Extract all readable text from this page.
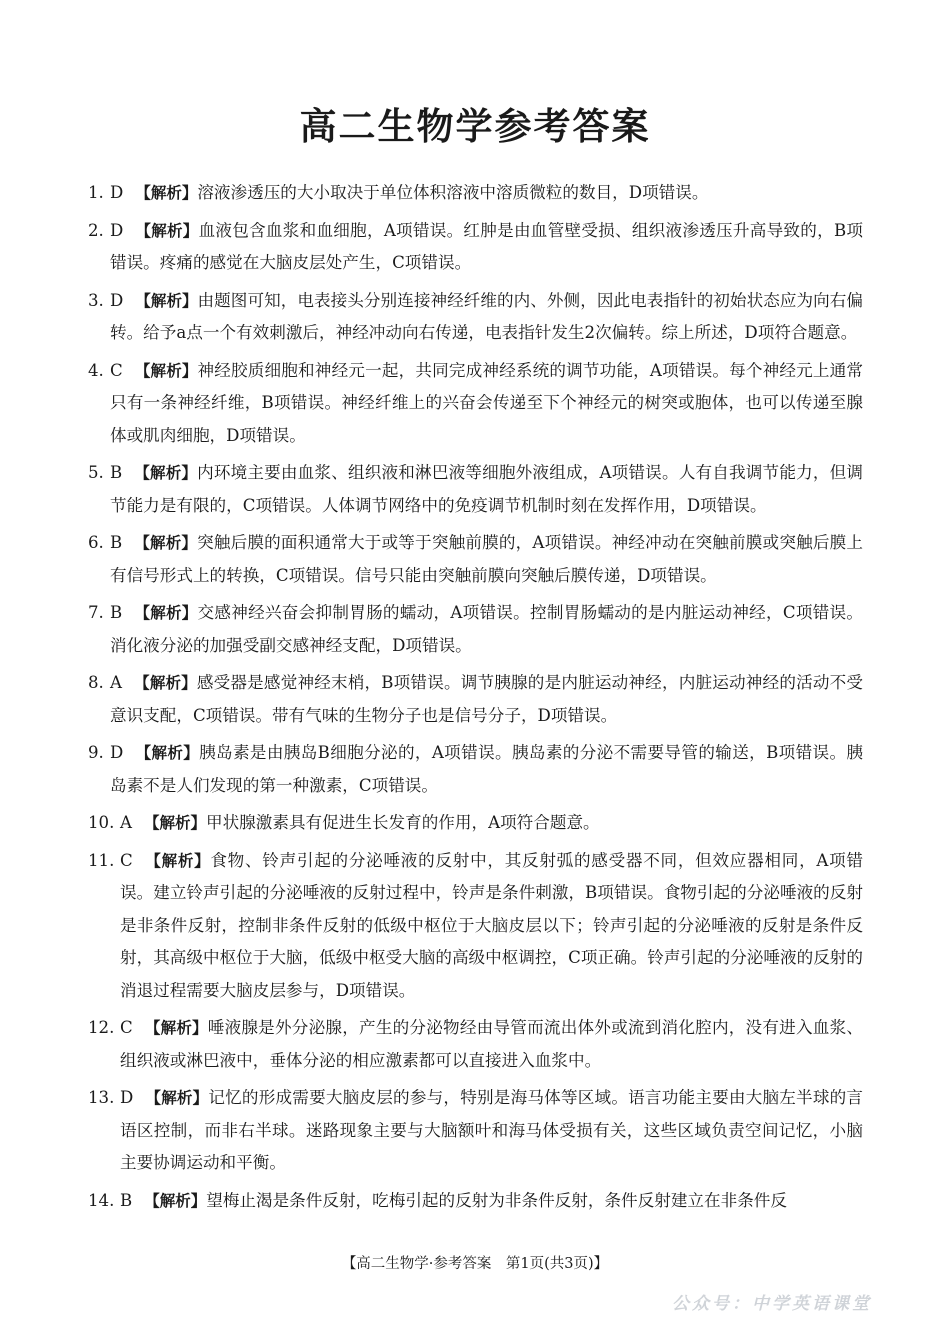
高二生物学参考答案
1. D 【解析】溶液渗透压的大小取决于单位体积溶液中溶质微粒的数目，D项错误。
2. D 【解析】血液包含血浆和血细胞，A项错误。红肿是由血管壁受损、组织液渗透压升高导致的，B项错误。疼痛的感觉在大脑皮层处产生，C项错误。
3. D 【解析】由题图可知，电表接头分别连接神经纤维的内、外侧，因此电表指针的初始状态应为向右偏转。给予a点一个有效刺激后，神经冲动向右传递，电表指针发生2次偏转。综上所述，D项符合题意。
4. C 【解析】神经胶质细胞和神经元一起，共同完成神经系统的调节功能，A项错误。每个神经元上通常只有一条神经纤维，B项错误。神经纤维上的兴奋会传递至下个神经元的树突或胞体，也可以传递至腺体或肌肉细胞，D项错误。
5. B 【解析】内环境主要由血浆、组织液和淋巴液等细胞外液组成，A项错误。人有自我调节能力，但调节能力是有限的，C项错误。人体调节网络中的免疫调节机制时刻在发挥作用，D项错误。
6. B 【解析】突触后膜的面积通常大于或等于突触前膜的，A项错误。神经冲动在突触前膜或突触后膜上有信号形式上的转换，C项错误。信号只能由突触前膜向突触后膜传递，D项错误。
7. B 【解析】交感神经兴奋会抑制胃肠的蠕动，A项错误。控制胃肠蠕动的是内脏运动神经，C项错误。消化液分泌的加强受副交感神经支配，D项错误。
8. A 【解析】感受器是感觉神经末梢，B项错误。调节胰腺的是内脏运动神经，内脏运动神经的活动不受意识支配，C项错误。带有气味的生物分子也是信号分子，D项错误。
9. D 【解析】胰岛素是由胰岛B细胞分泌的，A项错误。胰岛素的分泌不需要导管的输送，B项错误。胰岛素不是人们发现的第一种激素，C项错误。
10. A 【解析】甲状腺激素具有促进生长发育的作用，A项符合题意。
11. C 【解析】食物、铃声引起的分泌唾液的反射中，其反射弧的感受器不同，但效应器相同，A项错误。建立铃声引起的分泌唾液的反射过程中，铃声是条件刺激，B项错误。食物引起的分泌唾液的反射是非条件反射，控制非条件反射的低级中枢位于大脑皮层以下；铃声引起的分泌唾液的反射是条件反射，其高级中枢位于大脑，低级中枢受大脑的高级中枢调控，C项正确。铃声引起的分泌唾液的反射的消退过程需要大脑皮层参与，D项错误。
12. C 【解析】唾液腺是外分泌腺，产生的分泌物经由导管而流出体外或流到消化腔内，没有进入血浆、组织液或淋巴液中，垂体分泌的相应激素都可以直接进入血浆中。
13. D 【解析】记忆的形成需要大脑皮层的参与，特别是海马体等区域。语言功能主要由大脑左半球的言语区控制，而非右半球。迷路现象主要与大脑额叶和海马体受损有关，这些区域负责空间记忆，小脑主要协调运动和平衡。
14. B 【解析】望梅止渴是条件反射，吃梅引起的反射为非条件反射，条件反射建立在非条件反
【高二生物学·参考答案　第1页(共3页)】
公众号：中学英语课堂
